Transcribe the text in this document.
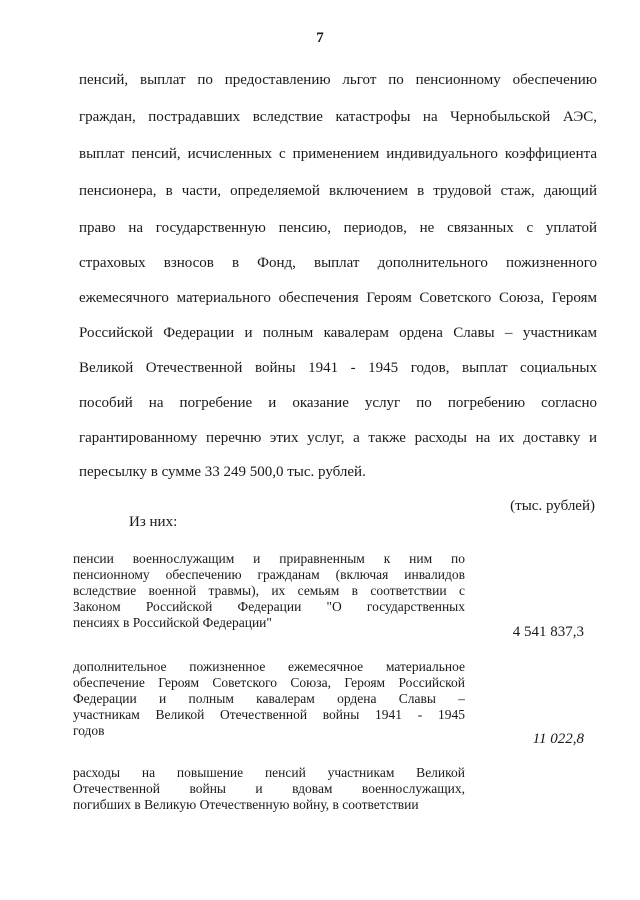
7
пенсий, выплат по предоставлению льгот по пенсионному обеспечению
граждан, пострадавших вследствие катастрофы на Чернобыльской АЭС,
выплат пенсий, исчисленных с применением индивидуального коэффициента
пенсионера, в части, определяемой включением в трудовой стаж, дающий
право на государственную пенсию, периодов, не связанных с уплатой
страховых взносов в Фонд, выплат дополнительного пожизненного
ежемесячного материального обеспечения Героям Советского Союза, Героям
Российской Федерации и полным кавалерам ордена Славы – участникам
Великой Отечественной войны 1941 - 1945 годов, выплат социальных
пособий на погребение и оказание услуг по погребению согласно
гарантированному перечню этих услуг, а также расходы на их доставку и
пересылку в сумме 33 249 500,0 тыс. рублей.
(тыс. рублей)
Из них:
пенсии военнослужащим и приравненным к ним по
пенсионному обеспечению гражданам (включая инвалидов
вследствие военной травмы), их семьям в соответствии с
Законом Российской Федерации "О государственных
пенсиях в Российской Федерации"
4 541 837,3
дополнительное пожизненное ежемесячное материальное
обеспечение Героям Советского Союза, Героям Российской
Федерации и полным кавалерам ордена Славы –
участникам Великой Отечественной войны 1941 - 1945
годов
11 022,8
расходы на повышение пенсий участникам Великой
Отечественной войны и вдовам военнослужащих,
погибших в Великую Отечественную войну, в соответствии
